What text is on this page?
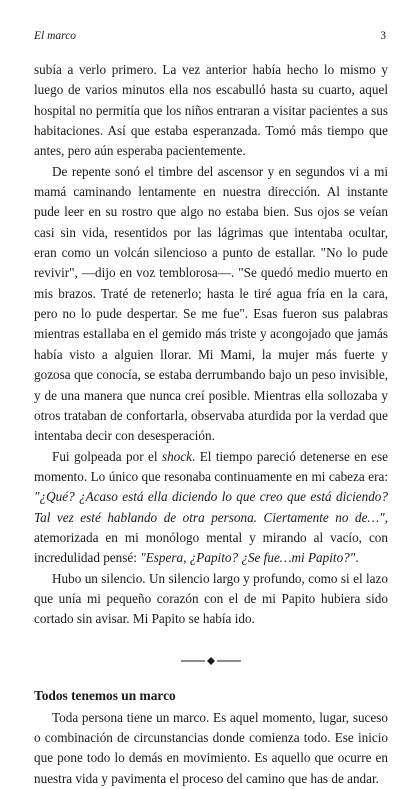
El marco	3

subía a verlo primero. La vez anterior había hecho lo mismo y luego de varios minutos ella nos escabulló hasta su cuarto, aquel hospital no permitía que los niños entraran a visitar pacientes a sus habitaciones. Así que estaba esperanzada. Tomó más tiempo que antes, pero aún esperaba pacientemente.

De repente sonó el timbre del ascensor y en segundos vi a mi mamá caminando lentamente en nuestra dirección. Al instante pude leer en su rostro que algo no estaba bien. Sus ojos se veían casi sin vida, resentidos por las lágrimas que intentaba ocultar, eran como un volcán silencioso a punto de estallar. "No lo pude revivir", —dijo en voz temblorosa—. "Se quedó medio muerto en mis brazos. Traté de retenerlo; hasta le tiré agua fría en la cara, pero no lo pude despertar. Se me fue". Esas fueron sus palabras mientras estallaba en el gemido más triste y acongojado que jamás había visto a alguien llorar. Mi Mami, la mujer más fuerte y gozosa que conocía, se estaba derrumbando bajo un peso invisible, y de una manera que nunca creí posible. Mientras ella sollozaba y otros trataban de confortarla, observaba aturdida por la verdad que intentaba decir con desesperación.

Fui golpeada por el shock. El tiempo pareció detenerse en ese momento. Lo único que resonaba continuamente en mi cabeza era: "¿Qué? ¿Acaso está ella diciendo lo que creo que está diciendo? Tal vez esté hablando de otra persona. Ciertamente no de…", atemorizada en mi monólogo mental y mirando al vacío, con incredulidad pensé: "Espera, ¿Papito? ¿Se fue…mi Papito?".

Hubo un silencio. Un silencio largo y profundo, como si el lazo que unía mi pequeño corazón con el de mi Papito hubiera sido cortado sin avisar. Mi Papito se había ido.

Todos tenemos un marco

Toda persona tiene un marco. Es aquel momento, lugar, suceso o combinación de circunstancias donde comienza todo. Ese inicio que pone todo lo demás en movimiento. Es aquello que ocurre en nuestra vida y pavimenta el proceso del camino que has de andar.
